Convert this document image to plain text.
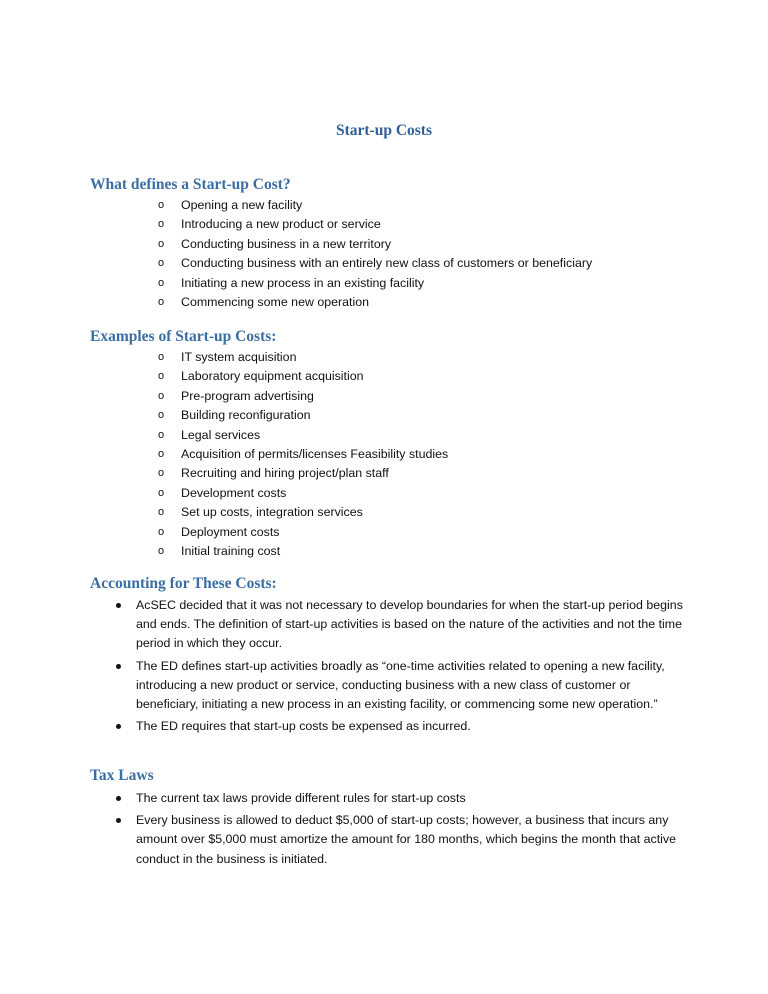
Start-up Costs
What defines a Start-up Cost?
o Opening a new facility
o Introducing a new product or service
o Conducting business in a new territory
o Conducting business with an entirely new class of customers or beneficiary
o Initiating a new process in an existing facility
o Commencing some new operation
Examples of Start-up Costs:
o IT system acquisition
o Laboratory equipment acquisition
o Pre-program advertising
o Building reconfiguration
o Legal services
o Acquisition of permits/licenses Feasibility studies
o Recruiting and hiring project/plan staff
o Development costs
o Set up costs, integration services
o Deployment costs
o Initial training cost
Accounting for These Costs:
AcSEC decided that it was not necessary to develop boundaries for when the start-up period begins and ends. The definition of start-up activities is based on the nature of the activities and not the time period in which they occur.
The ED defines start-up activities broadly as “one-time activities related to opening a new facility, introducing a new product or service, conducting business with a new class of customer or beneficiary, initiating a new process in an existing facility, or commencing some new operation.”
The ED requires that start-up costs be expensed as incurred.
Tax Laws
The current tax laws provide different rules for start-up costs
Every business is allowed to deduct $5,000 of start-up costs; however, a business that incurs any amount over $5,000 must amortize the amount for 180 months, which begins the month that active conduct in the business is initiated.
